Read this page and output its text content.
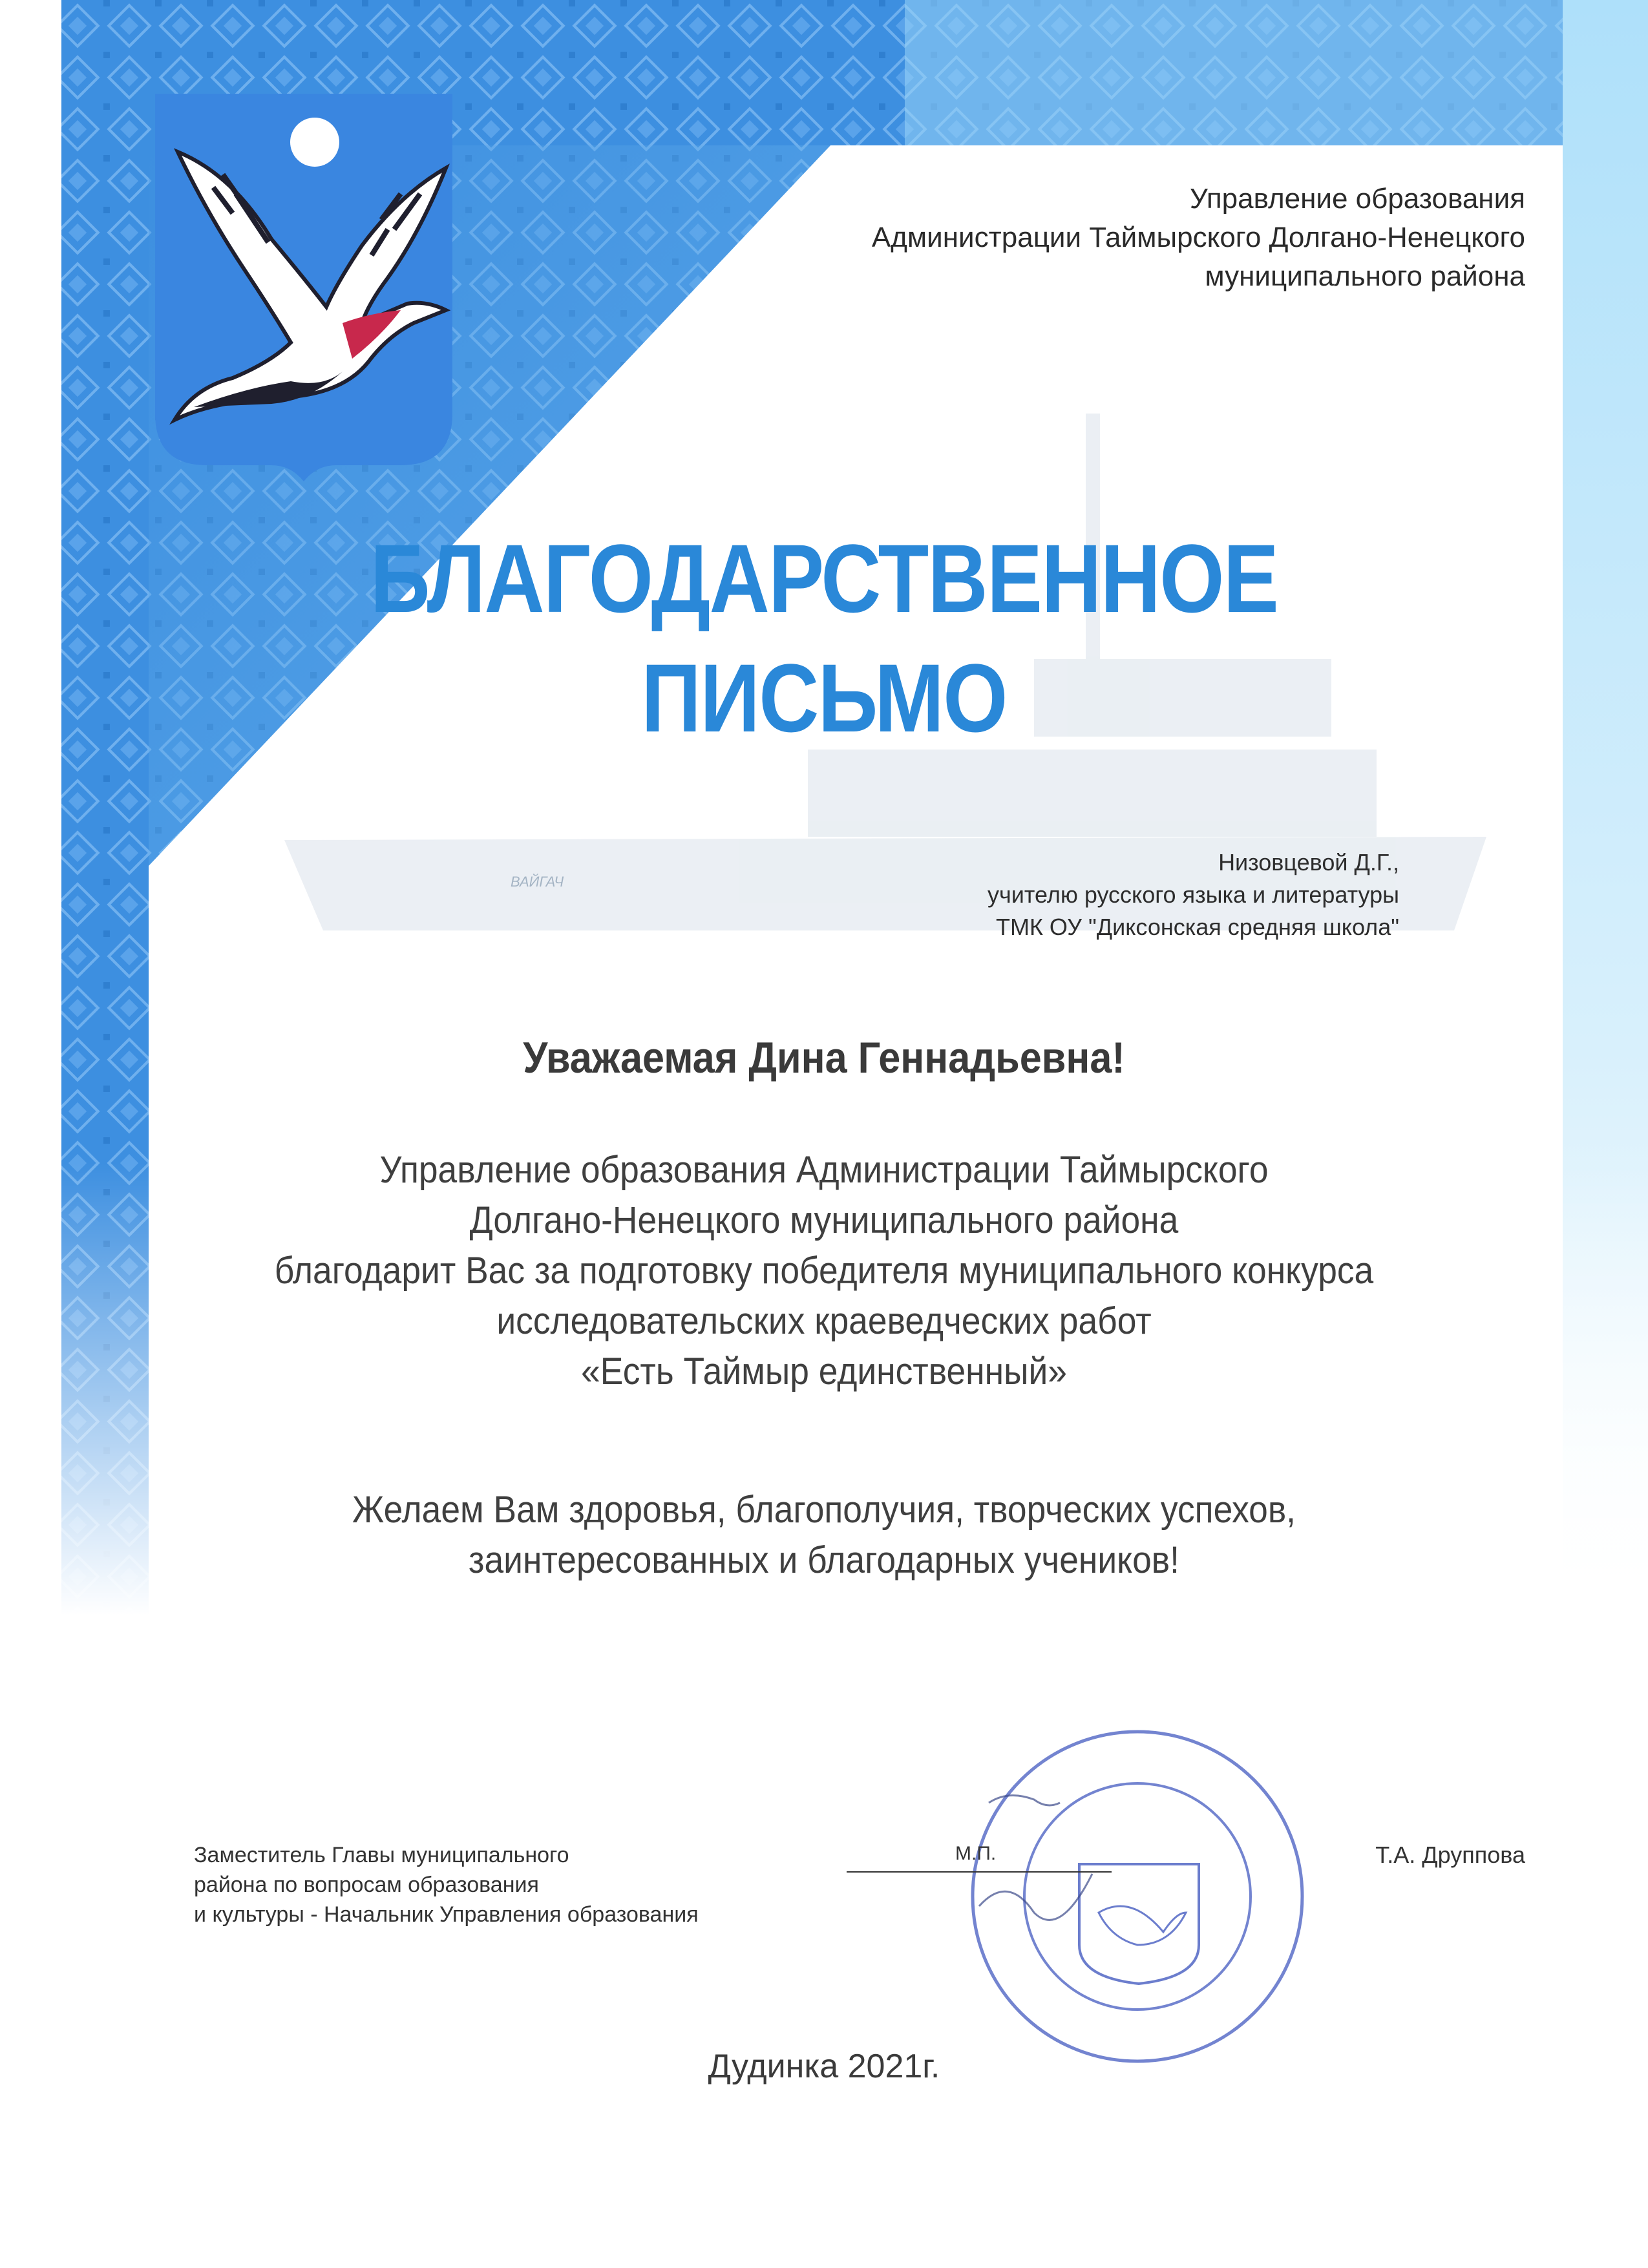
ВАЙГАЧ
Управление образования
Администрации Таймырского Долгано-Ненецкого
муниципального района
БЛАГОДАРСТВЕННОЕ
ПИСЬМО
Низовцевой Д.Г.,
учителю русского языка и литературы
ТМК ОУ "Диксонская средняя школа"
Уважаемая Дина Геннадьевна!
Управление образования Администрации Таймырского
Долгано-Ненецкого муниципального района
благодарит Вас за подготовку победителя муниципального конкурса
исследовательских краеведческих работ
«Есть Таймыр единственный»
Желаем Вам здоровья, благополучия, творческих успехов,
заинтересованных и благодарных учеников!
Заместитель Главы муниципального
района по вопросам образования
и культуры - Начальник Управления образования
М.П.	Т.А. Друппова
Дудинка 2021г.
